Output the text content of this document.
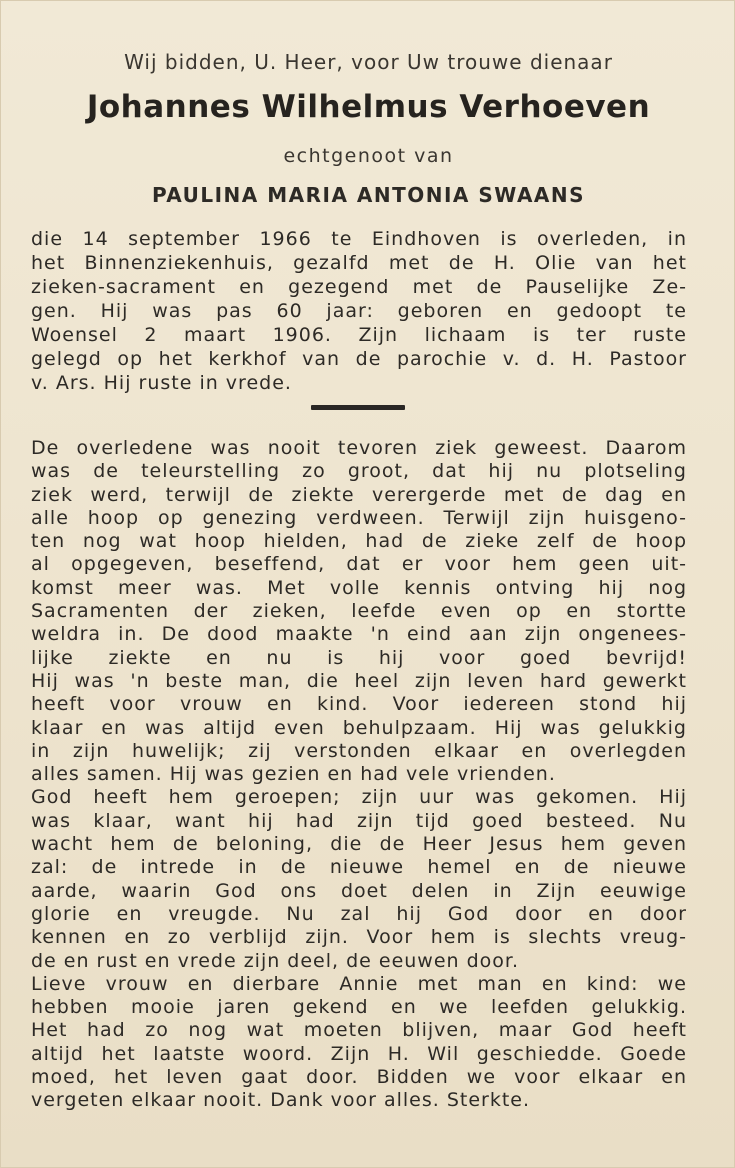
Wij bidden, U. Heer, voor Uw trouwe dienaar
Johannes Wilhelmus Verhoeven
echtgenoot van
PAULINA MARIA ANTONIA SWAANS
die 14 september 1966 te Eindhoven is overleden, in
het Binnenziekenhuis, gezalfd met de H. Olie van het
zieken-sacrament en gezegend met de Pauselijke Ze-
gen. Hij was pas 60 jaar: geboren en gedoopt te
Woensel 2 maart 1906. Zijn lichaam is ter ruste
gelegd op het kerkhof van de parochie v. d. H. Pastoor
v. Ars. Hij ruste in vrede.
De overledene was nooit tevoren ziek geweest. Daarom
was de teleurstelling zo groot, dat hij nu plotseling
ziek werd, terwijl de ziekte verergerde met de dag en
alle hoop op genezing verdween. Terwijl zijn huisgeno-
ten nog wat hoop hielden, had de zieke zelf de hoop
al opgegeven, beseffend, dat er voor hem geen uit-
komst meer was. Met volle kennis ontving hij nog
Sacramenten der zieken, leefde even op en stortte
weldra in. De dood maakte 'n eind aan zijn ongenees-
lijke ziekte en nu is hij voor goed bevrijd!
Hij was 'n beste man, die heel zijn leven hard gewerkt
heeft voor vrouw en kind. Voor iedereen stond hij
klaar en was altijd even behulpzaam. Hij was gelukkig
in zijn huwelijk; zij verstonden elkaar en overlegden
alles samen. Hij was gezien en had vele vrienden.
God heeft hem geroepen; zijn uur was gekomen. Hij
was klaar, want hij had zijn tijd goed besteed. Nu
wacht hem de beloning, die de Heer Jesus hem geven
zal: de intrede in de nieuwe hemel en de nieuwe
aarde, waarin God ons doet delen in Zijn eeuwige
glorie en vreugde. Nu zal hij God door en door
kennen en zo verblijd zijn. Voor hem is slechts vreug-
de en rust en vrede zijn deel, de eeuwen door.
Lieve vrouw en dierbare Annie met man en kind: we
hebben mooie jaren gekend en we leefden gelukkig.
Het had zo nog wat moeten blijven, maar God heeft
altijd het laatste woord. Zijn H. Wil geschiedde. Goede
moed, het leven gaat door. Bidden we voor elkaar en
vergeten elkaar nooit. Dank voor alles. Sterkte.
